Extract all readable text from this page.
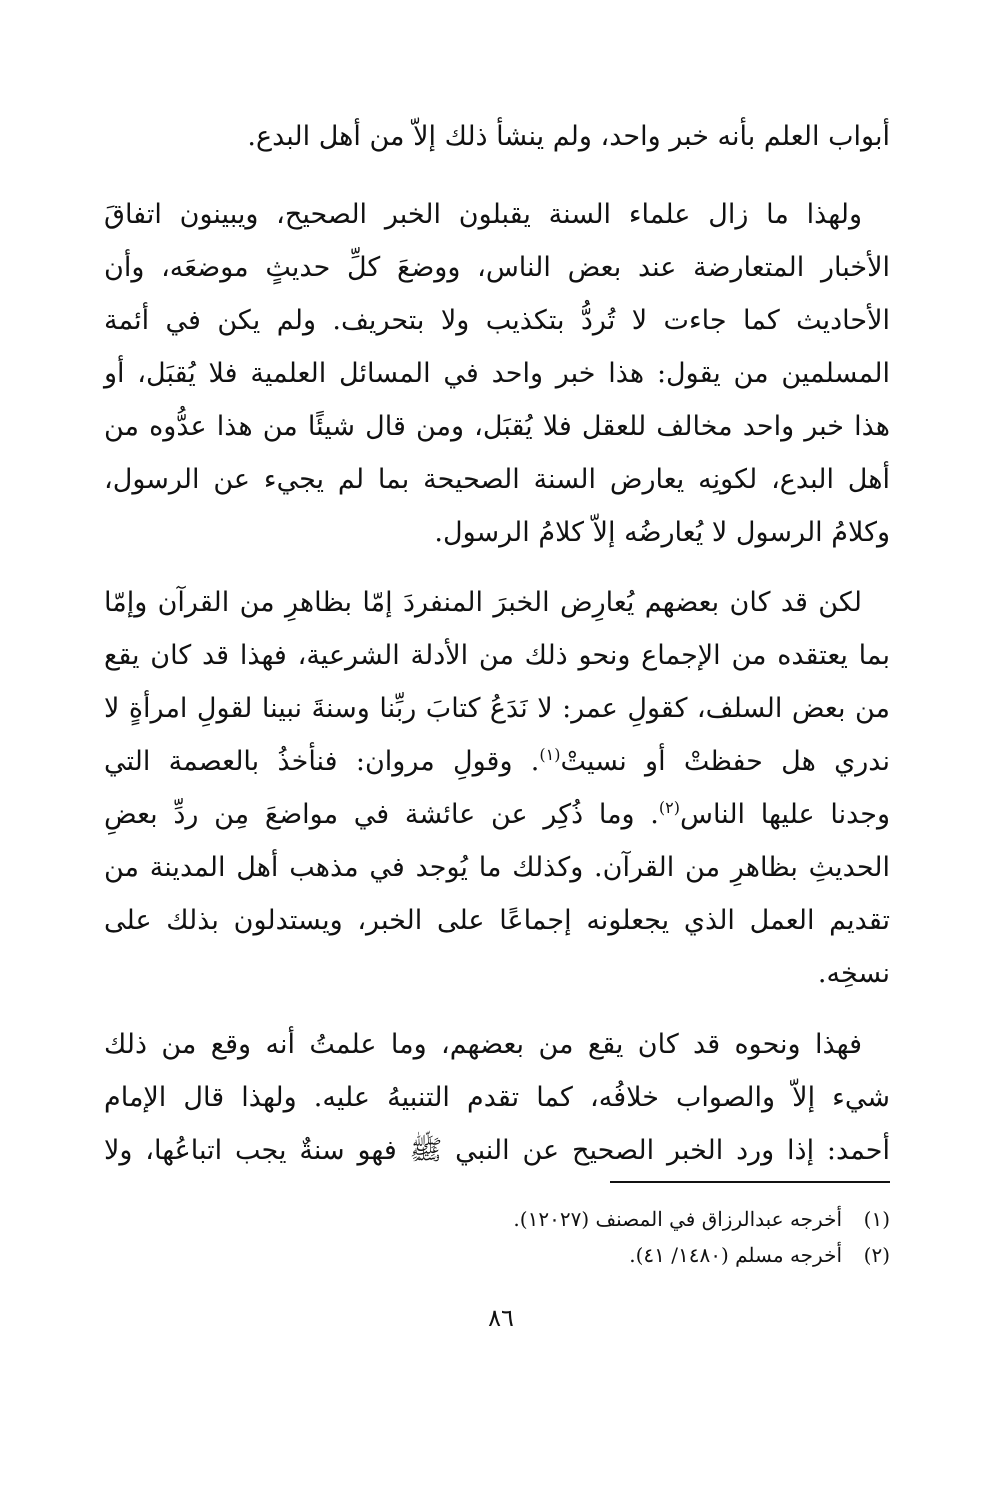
أبواب العلم بأنه خبر واحد، ولم ينشأ ذلك إلاّ من أهل البدع.
ولهذا ما زال علماء السنة يقبلون الخبر الصحيح، ويبينون اتفاقَ
الأخبار المتعارضة عند بعض الناس، ووضعَ كلِّ حديثٍ موضعَه، وأن
الأحاديث كما جاءت لا تُردُّ بتكذيب ولا بتحريف. ولم يكن في أئمة
المسلمين من يقول: هذا خبر واحد في المسائل العلمية فلا يُقبَل، أو
هذا خبر واحد مخالف للعقل فلا يُقبَل، ومن قال شيئًا من هذا عدُّوه من
أهل البدع، لكونِه يعارض السنة الصحيحة بما لم يجيء عن الرسول،
وكلامُ الرسول لا يُعارضُه إلاّ كلامُ الرسول.
لكن قد كان بعضهم يُعارِض الخبرَ المنفردَ إمّا بظاهرِ من القرآن وإمّا
بما يعتقده من الإجماع ونحو ذلك من الأدلة الشرعية، فهذا قد كان يقع
من بعض السلف، كقولِ عمر: لا نَدَعُ كتابَ ربِّنا وسنةَ نبينا لقولِ امرأةٍ لا
ندري هل حفظتْ أو نسيتْ$^{(١)}$. وقولِ مروان: فنأخذُ بالعصمة التي
وجدنا عليها الناس$^{(٢)}$. وما ذُكِر عن عائشة في مواضعَ مِن ردِّ بعضِ
الحديثِ بظاهرِ من القرآن. وكذلك ما يُوجد في مذهب أهل المدينة من
تقديم العمل الذي يجعلونه إجماعًا على الخبر، ويستدلون بذلك على
نسخِه.
فهذا ونحوه قد كان يقع من بعضهم، وما علمتُ أنه وقع من ذلك
شيء إلاّ والصواب خلافُه، كما تقدم التنبيهُ عليه. ولهذا قال الإمام
أحمد: إذا ورد الخبر الصحيح عن النبي ﷺ فهو سنةٌ يجب اتباعُها، ولا
(١)أخرجه عبدالرزاق في المصنف (١٢٠٢٧).
(٢)أخرجه مسلم (١٤٨٠/ ٤١).
٨٦
